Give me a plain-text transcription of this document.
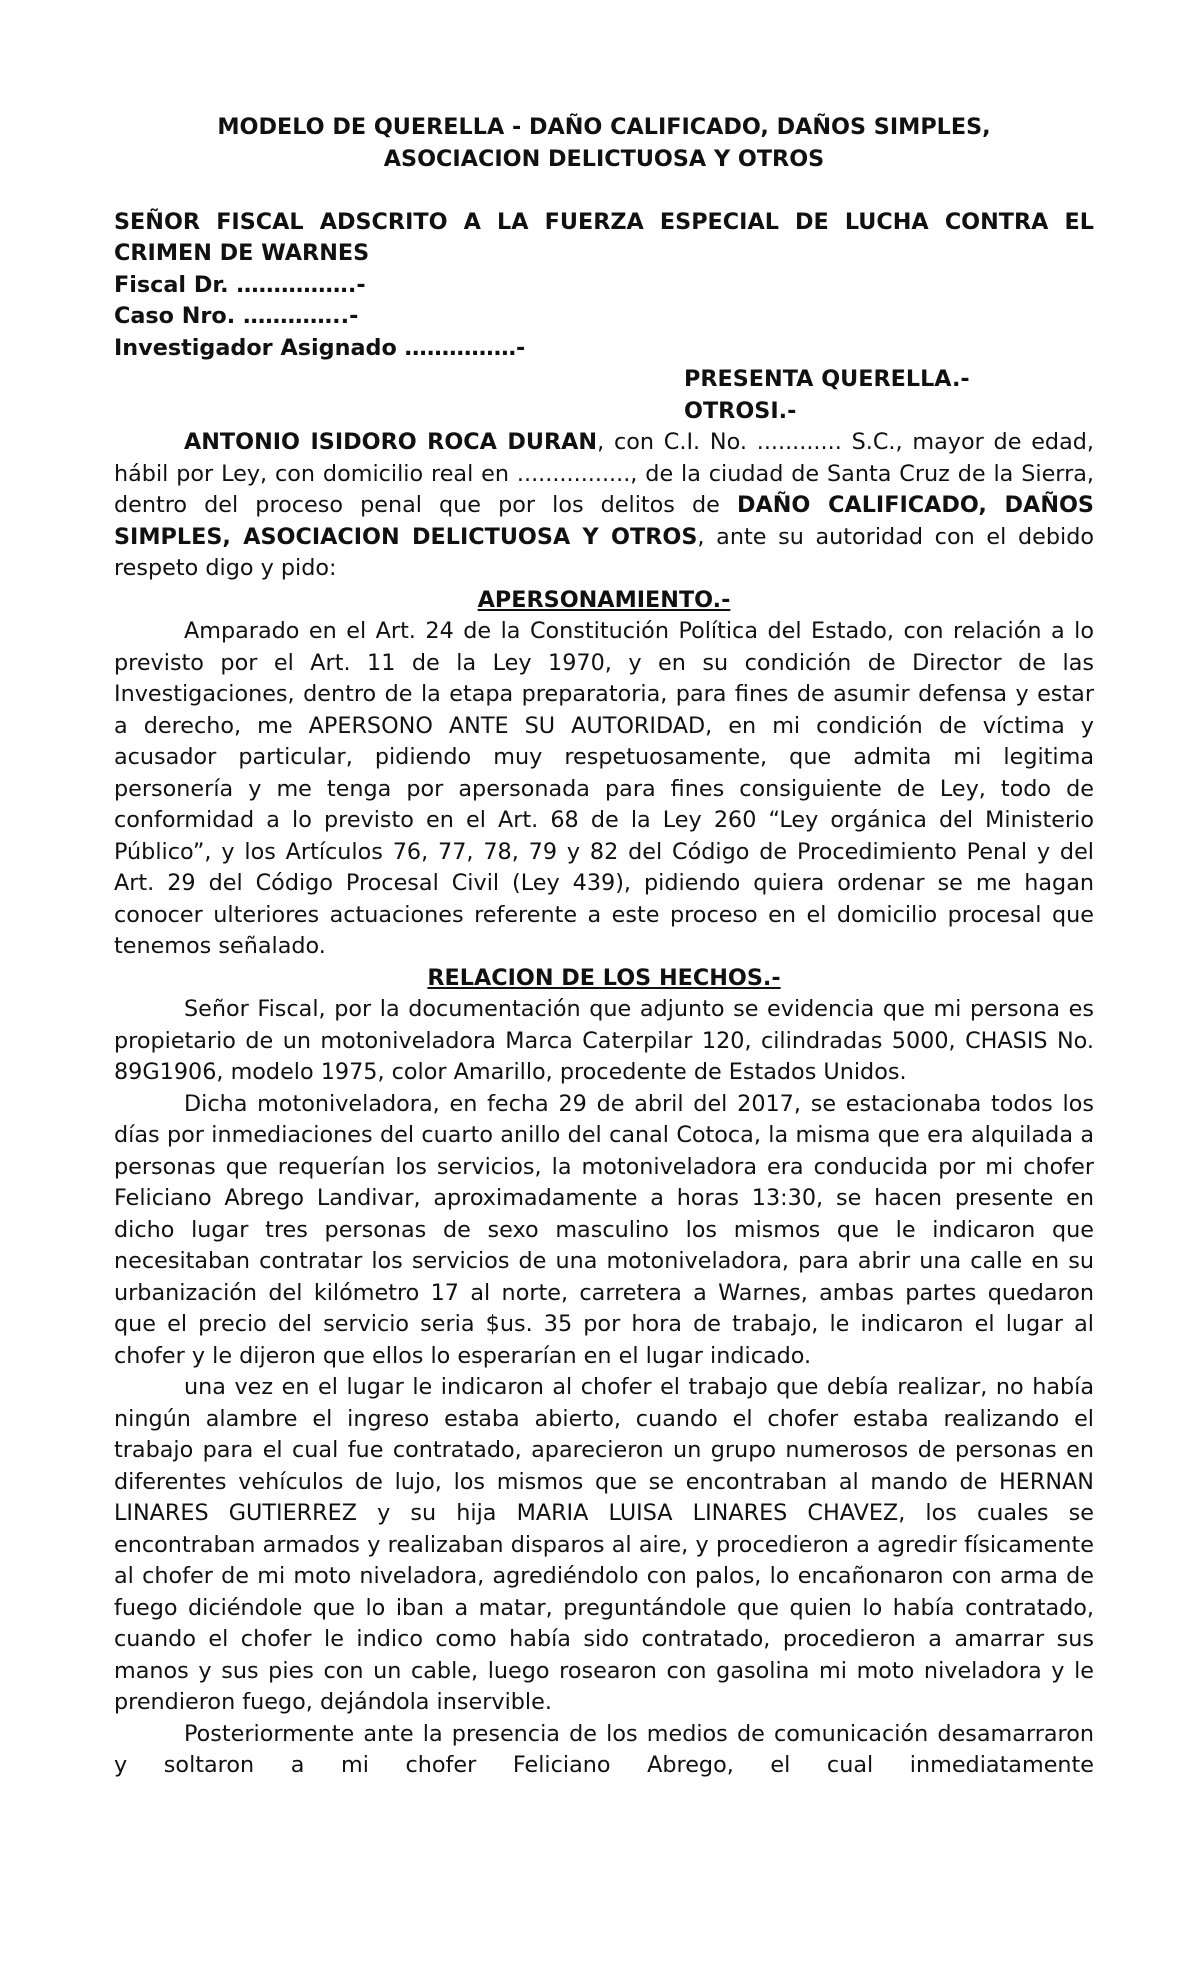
MODELO DE QUERELLA - DAÑO CALIFICADO, DAÑOS SIMPLES,
ASOCIACION DELICTUOSA Y OTROS
SEÑOR FISCAL ADSCRITO A LA FUERZA ESPECIAL DE LUCHA CONTRA EL
CRIMEN DE WARNES
Fiscal Dr. …………….-
Caso Nro. …………..-
Investigador Asignado ……………-
PRESENTA QUERELLA.-
OTROSI.-

ANTONIO ISIDORO ROCA DURAN, con C.I. No. ............ S.C., mayor de edad, hábil por Ley, con domicilio real en ................, de la ciudad de Santa Cruz de la Sierra, dentro del proceso penal que por los delitos de DAÑO CALIFICADO, DAÑOS SIMPLES, ASOCIACION DELICTUOSA Y OTROS, ante su autoridad con el debido respeto digo y pido:

APERSONAMIENTO.-

Amparado en el Art. 24 de la Constitución Política del Estado, con relación a lo previsto por el Art. 11 de la Ley 1970, y en su condición de Director de las Investigaciones, dentro de la etapa preparatoria, para fines de asumir defensa y estar a derecho, me APERSONO ANTE SU AUTORIDAD, en mi condición de víctima y acusador particular, pidiendo muy respetuosamente, que admita mi legitima personería y me tenga por apersonada para fines consiguiente de Ley, todo de conformidad a lo previsto en el Art. 68 de la Ley 260 “Ley orgánica del Ministerio Público”, y los Artículos 76, 77, 78, 79 y 82 del Código de Procedimiento Penal y del Art. 29 del Código Procesal Civil (Ley 439), pidiendo quiera ordenar se me hagan conocer ulteriores actuaciones referente a este proceso en el domicilio procesal que tenemos señalado.

RELACION DE LOS HECHOS.-

Señor Fiscal, por la documentación que adjunto se evidencia que mi persona es propietario de un motoniveladora Marca Caterpilar 120, cilindradas 5000, CHASIS No. 89G1906, modelo 1975, color Amarillo, procedente de Estados Unidos.

Dicha motoniveladora, en fecha 29 de abril del 2017, se estacionaba todos los días por inmediaciones del cuarto anillo del canal Cotoca, la misma que era alquilada a personas que requerían los servicios, la motoniveladora era conducida por mi chofer Feliciano Abrego Landivar, aproximadamente a horas 13:30, se hacen presente en dicho lugar tres personas de sexo masculino los mismos que le indicaron que necesitaban contratar los servicios de una motoniveladora, para abrir una calle en su urbanización del kilómetro 17 al norte, carretera a Warnes, ambas partes quedaron que el precio del servicio seria $us. 35 por hora de trabajo, le indicaron el lugar al chofer y le dijeron que ellos lo esperarían en el lugar indicado.

una vez en el lugar le indicaron al chofer el trabajo que debía realizar, no había ningún alambre el ingreso estaba abierto, cuando el chofer estaba realizando el trabajo para el cual fue contratado, aparecieron un grupo numerosos de personas en diferentes vehículos de lujo, los mismos que se encontraban al mando de HERNAN LINARES GUTIERREZ y su hija MARIA LUISA LINARES CHAVEZ, los cuales se encontraban armados y realizaban disparos al aire, y procedieron a agredir físicamente al chofer de mi moto niveladora, agrediéndolo con palos, lo encañonaron con arma de fuego diciéndole que lo iban a matar, preguntándole que quien lo había contratado, cuando el chofer le indico como había sido contratado, procedieron a amarrar sus manos y sus pies con un cable, luego rosearon con gasolina mi moto niveladora y le prendieron fuego, dejándola inservible.

Posteriormente ante la presencia de los medios de comunicación desamarraron y soltaron a mi chofer Feliciano Abrego, el cual inmediatamente
